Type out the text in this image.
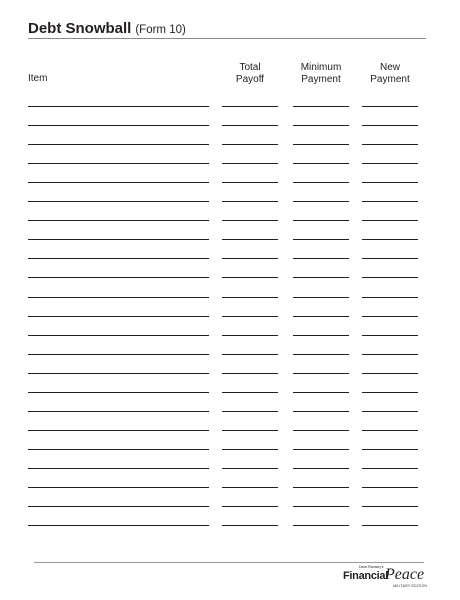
Debt Snowball (Form 10)
Item
Total
Payoff
Minimum
Payment
New
Payment
Dave Ramsey's
Financial
Peace
MILITARY EDITION
